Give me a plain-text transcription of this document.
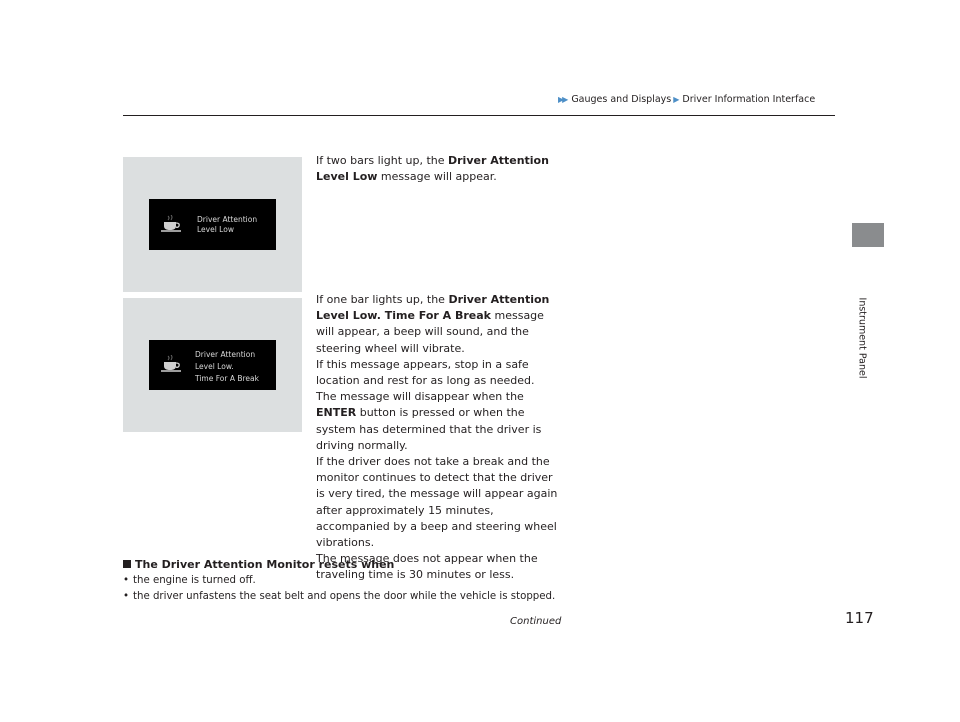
▶▶ Gauges and Displays ▶ Driver Information Interface
Instrument Panel
Driver Attention
Level Low
Driver Attention
Level Low.
Time For A Break
If two bars light up, the Driver Attention Level Low message will appear.
If one bar lights up, the Driver Attention Level Low. Time For A Break message will appear, a beep will sound, and the steering wheel will vibrate.
If this message appears, stop in a safe location and rest for as long as needed.
The message will disappear when the ENTER button is pressed or when the system has determined that the driver is driving normally.
If the driver does not take a break and the monitor continues to detect that the driver is very tired, the message will appear again after approximately 15 minutes, accompanied by a beep and steering wheel vibrations.
The message does not appear when the traveling time is 30 minutes or less.
The Driver Attention Monitor resets when
• the engine is turned off.
• the driver unfastens the seat belt and opens the door while the vehicle is stopped.
Continued	117
